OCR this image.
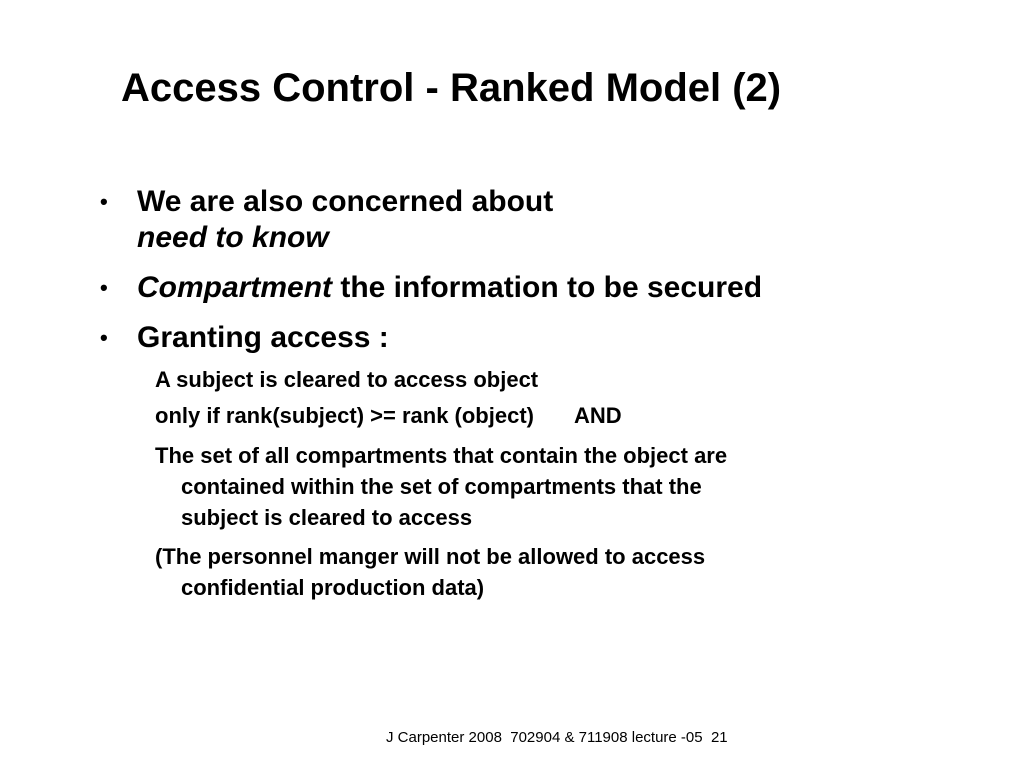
Access Control - Ranked Model (2)
• We are also concerned about
need to know
• Compartment the information to be secured
• Granting access :
A subject is cleared to access object
only if rank(subject) >= rank (object) AND
The set of all compartments that contain the object are
contained within the set of compartments that the
subject is cleared to access
(The personnel manger will not be allowed to access
confidential production data)
J Carpenter 2008  702904 & 711908 lecture -05  21
